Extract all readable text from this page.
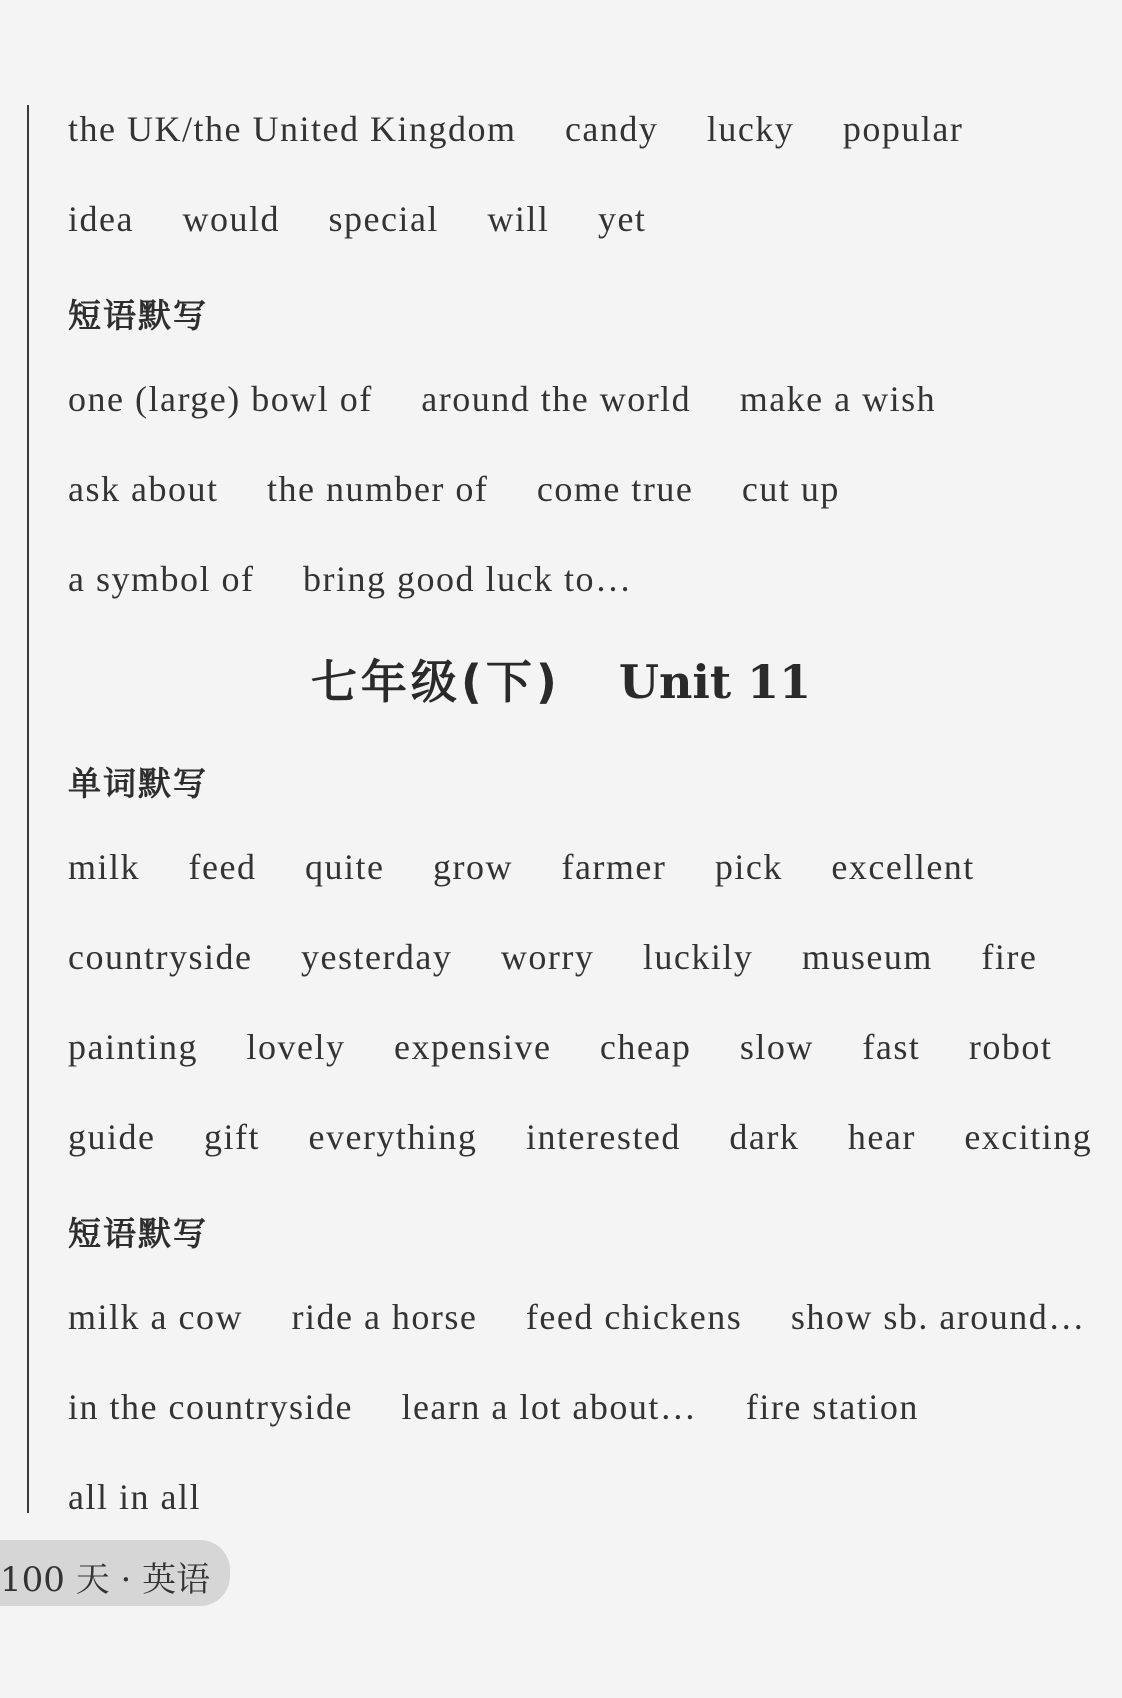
the UK/the United Kingdom candy lucky popular
idea would special will yet
短语默写
one (large) bowl of around the world make a wish
ask about the number of come true cut up
a symbol of bring good luck to…
七年级(下) Unit 11
单词默写
milk feed quite grow farmer pick excellent
countryside yesterday worry luckily museum fire
painting lovely expensive cheap slow fast robot
guide gift everything interested dark hear exciting
短语默写
milk a cow ride a horse feed chickens show sb. around…
in the countryside learn a lot about… fire station
all in all
100 天 · 英语
